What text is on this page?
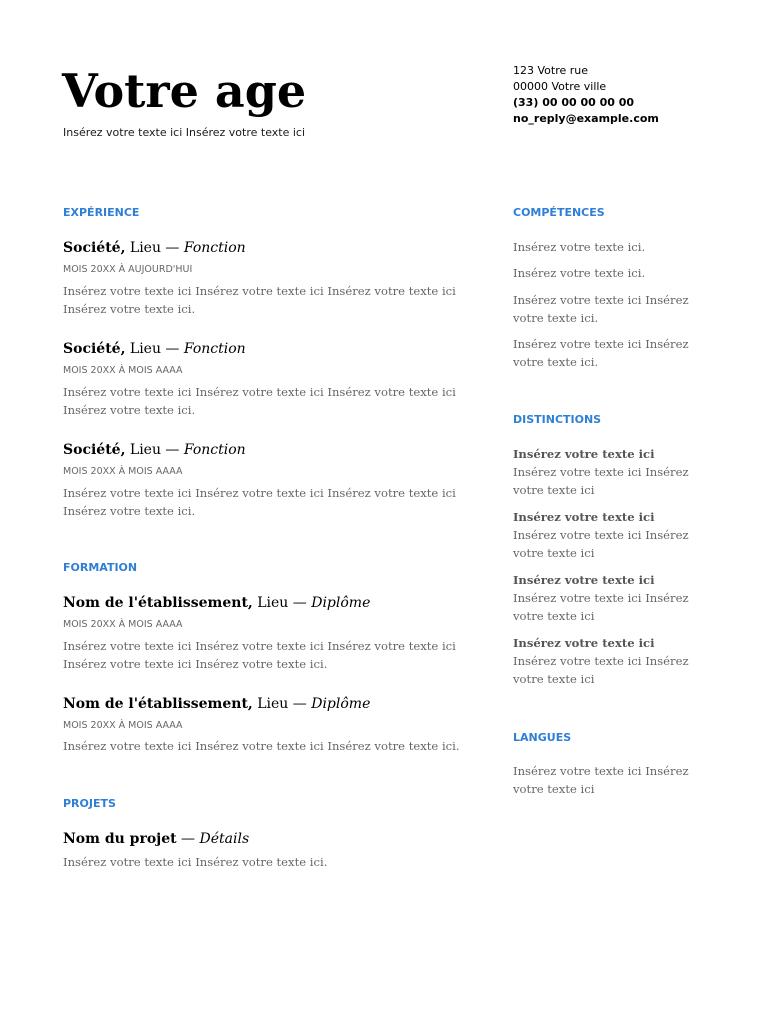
Votre age
Insérez votre texte ici Insérez votre texte ici
123 Votre rue
00000 Votre ville
(33) 00 00 00 00 00
no_reply@example.com
EXPÉRIENCE
Société, Lieu — Fonction
MOIS 20XX À AUJOURD'HUI
Insérez votre texte ici Insérez votre texte ici Insérez votre texte ici Insérez votre texte ici.
Société, Lieu — Fonction
MOIS 20XX À MOIS AAAA
Insérez votre texte ici Insérez votre texte ici Insérez votre texte ici Insérez votre texte ici.
Société, Lieu — Fonction
MOIS 20XX À MOIS AAAA
Insérez votre texte ici Insérez votre texte ici Insérez votre texte ici Insérez votre texte ici.
FORMATION
Nom de l'établissement, Lieu — Diplôme
MOIS 20XX À MOIS AAAA
Insérez votre texte ici Insérez votre texte ici Insérez votre texte ici Insérez votre texte ici Insérez votre texte ici.
Nom de l'établissement, Lieu — Diplôme
MOIS 20XX À MOIS AAAA
Insérez votre texte ici Insérez votre texte ici Insérez votre texte ici.
PROJETS
Nom du projet — Détails
Insérez votre texte ici Insérez votre texte ici.
COMPÉTENCES
Insérez votre texte ici.
Insérez votre texte ici.
Insérez votre texte ici Insérez votre texte ici.
Insérez votre texte ici Insérez votre texte ici.
DISTINCTIONS
Insérez votre texte ici Insérez votre texte ici Insérez votre texte ici
Insérez votre texte ici Insérez votre texte ici Insérez votre texte ici
Insérez votre texte ici Insérez votre texte ici Insérez votre texte ici
Insérez votre texte ici Insérez votre texte ici Insérez votre texte ici
LANGUES
Insérez votre texte ici Insérez votre texte ici
